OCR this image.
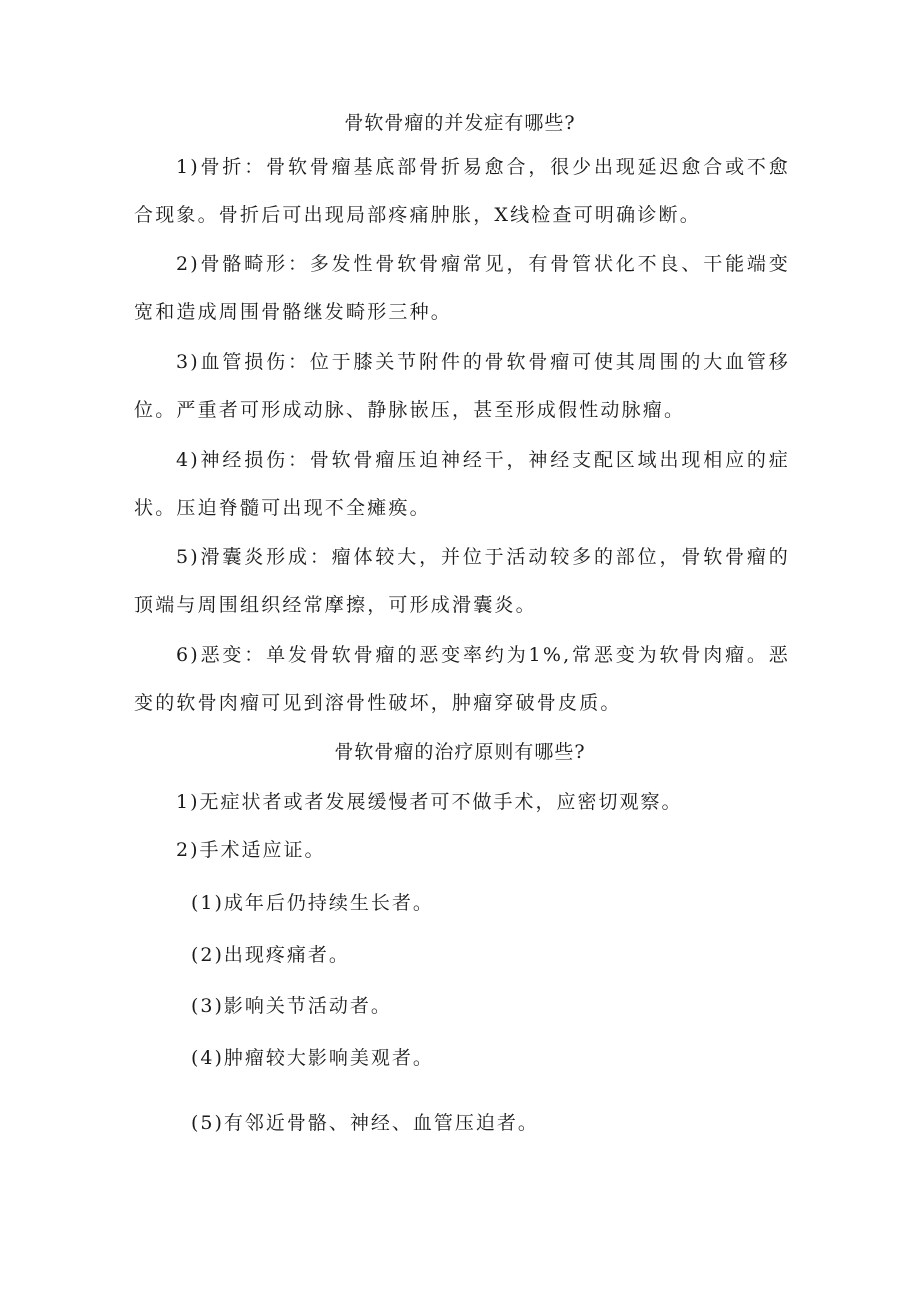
骨软骨瘤的并发症有哪些?
1)骨折：骨软骨瘤基底部骨折易愈合，很少出现延迟愈合或不愈合现象。骨折后可出现局部疼痛肿胀，X线检查可明确诊断。
2)骨骼畸形：多发性骨软骨瘤常见，有骨管状化不良、干能端变宽和造成周围骨骼继发畸形三种。
3)血管损伤：位于膝关节附件的骨软骨瘤可使其周围的大血管移位。严重者可形成动脉、静脉嵌压，甚至形成假性动脉瘤。
4)神经损伤：骨软骨瘤压迫神经干，神经支配区域出现相应的症状。压迫脊髓可出现不全瘫痪。
5)滑囊炎形成：瘤体较大，并位于活动较多的部位，骨软骨瘤的顶端与周围组织经常摩擦，可形成滑囊炎。
6)恶变：单发骨软骨瘤的恶变率约为1%,常恶变为软骨肉瘤。恶变的软骨肉瘤可见到溶骨性破坏，肿瘤穿破骨皮质。
骨软骨瘤的治疗原则有哪些?
1)无症状者或者发展缓慢者可不做手术，应密切观察。
2)手术适应证。
(1)成年后仍持续生长者。
(2)出现疼痛者。
(3)影响关节活动者。
(4)肿瘤较大影响美观者。
(5)有邻近骨骼、神经、血管压迫者。
